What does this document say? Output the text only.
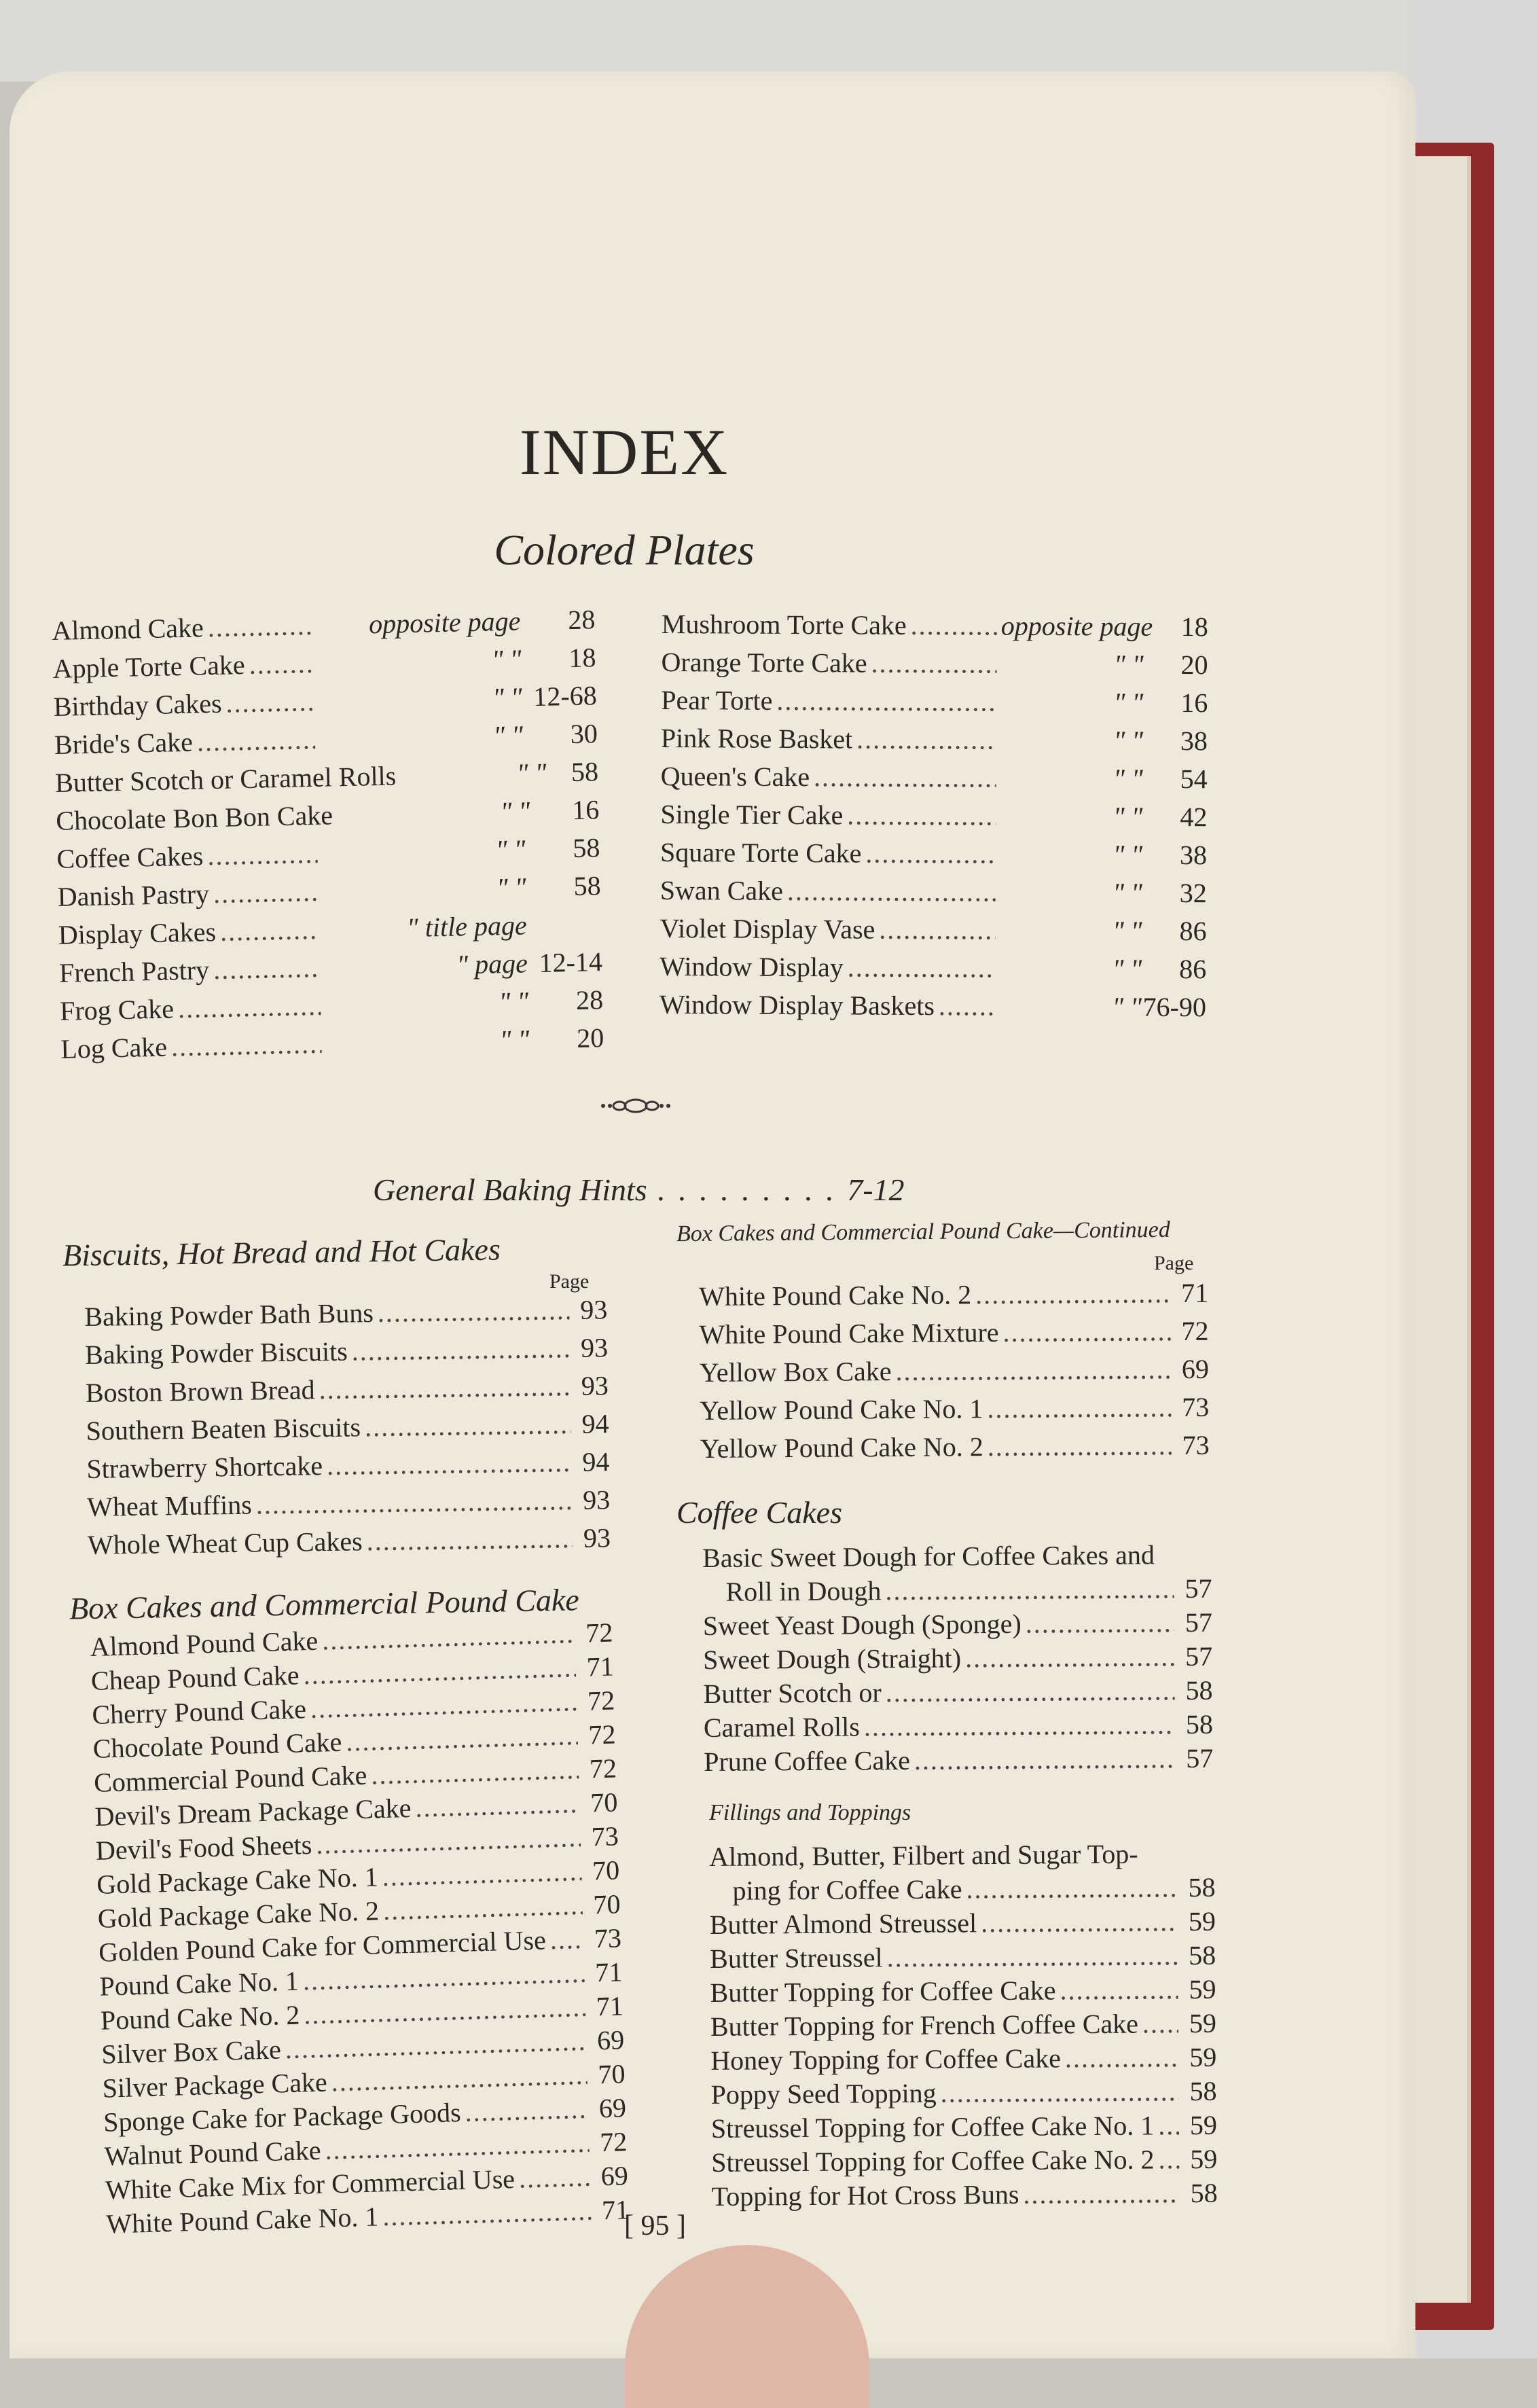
INDEX
Colored Plates
Almond Cake . . .	opposite page	28
Apple Torte Cake . . .	" "	18
Birthday Cakes . . .	" " 12-68
Bride's Cake . . .	" "	30
Butter Scotch or Caramel Rolls . . .	" " 58
Chocolate Bon Bon Cake . . .	" "	16
Coffee Cakes . . .	" "	58
Danish Pastry . . .	" "	58
Display Cakes . . .	" title page
French Pastry . . .	" page 12-14
Frog Cake . . .	" "	28
Log Cake . . .	" "	20
Mushroom Torte Cake . . .	opposite page	18
Orange Torte Cake . . .	" "	20
Pear Torte . . .	" "	16
Pink Rose Basket . . .	" "	38
Queen's Cake . . .	" "	54
Single Tier Cake . . .	" "	42
Square Torte Cake . . .	" "	38
Swan Cake . . .	" "	32
Violet Display Vase . . .	" "	86
Window Display . . .	" "	86
Window Display Baskets . . .	" " 76-90
General Baking Hints . . . . . . . . . 7-12
Biscuits, Hot Bread and Hot Cakes
Page
Baking Powder Bath Buns . . .	93
Baking Powder Biscuits . . .	93
Boston Brown Bread . . .	93
Southern Beaten Biscuits . . .	94
Strawberry Shortcake . . .	94
Wheat Muffins . . .	93
Whole Wheat Cup Cakes . . .	93
Box Cakes and Commercial Pound Cake
Almond Pound Cake . . .	72
Cheap Pound Cake . . .	71
Cherry Pound Cake . . .	72
Chocolate Pound Cake . . .	72
Commercial Pound Cake . . .	72
Devil's Dream Package Cake . . .	70
Devil's Food Sheets . . .	73
Gold Package Cake No. 1 . . .	70
Gold Package Cake No. 2 . . .	70
Golden Pound Cake for Commercial Use . . . 73
Pound Cake No. 1 . . .	71
Pound Cake No. 2 . . .	71
Silver Box Cake . . .	69
Silver Package Cake . . .	70
Sponge Cake for Package Goods . . .	69
Walnut Pound Cake . . .	72
White Cake Mix for Commercial Use . . .	69
White Pound Cake No. 1 . . .	71
Box Cakes and Commercial Pound Cake—Continued
Page
White Pound Cake No. 2 . . .	71
White Pound Cake Mixture . . .	72
Yellow Box Cake . . .	69
Yellow Pound Cake No. 1 . . .	73
Yellow Pound Cake No. 2 . . .	73
Coffee Cakes
Basic Sweet Dough for Coffee Cakes and
Roll in Dough . . .	57
Sweet Yeast Dough (Sponge) . . .	57
Sweet Dough (Straight) . . .	57
Butter Scotch or . . .	58
Caramel Rolls . . .	58
Prune Coffee Cake . . .	57
Fillings and Toppings
Almond, Butter, Filbert and Sugar Top-
ping for Coffee Cake . . .	58
Butter Almond Streussel . . .	59
Butter Streussel . . .	58
Butter Topping for Coffee Cake . . .	59
Butter Topping for French Coffee Cake . . . 59
Honey Topping for Coffee Cake . . .	59
Poppy Seed Topping . . .	58
Streussel Topping for Coffee Cake No. 1 . . . 59
Streussel Topping for Coffee Cake No. 2 . . . 59
Topping for Hot Cross Buns . . .	58
[ 95 ]
